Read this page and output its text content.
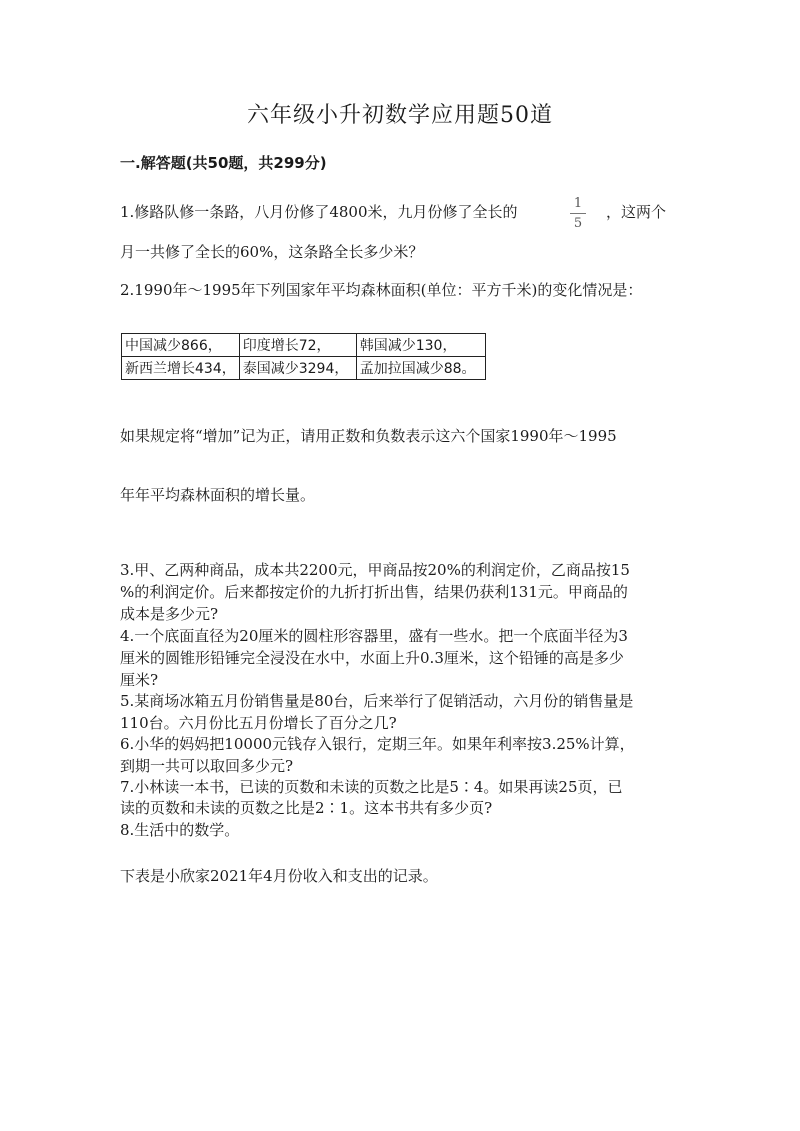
六年级小升初数学应用题50道
一.解答题(共50题，共299分)
1.修路队修一条路，八月份修了4800米，九月份修了全长的	1
5
，这两个
月一共修了全长的60%，这条路全长多少米？
2.1990年～1995年下列国家年平均森林面积(单位：平方千米)的变化情况是：
中国减少866，	印度增长72，	韩国减少130，
新西兰增长434，	泰国减少3294，	孟加拉国减少88。
如果规定将“增加”记为正，请用正数和负数表示这六个国家1990年～1995
年年平均森林面积的增长量。
3.甲、乙两种商品，成本共2200元，甲商品按20%的利润定价，乙商品按15
%的利润定价。后来都按定价的九折打折出售，结果仍获利131元。甲商品的
成本是多少元?
4.一个底面直径为20厘米的圆柱形容器里，盛有一些水。把一个底面半径为3
厘米的圆锥形铅锤完全浸没在水中，水面上升0.3厘米，这个铅锤的高是多少
厘米?
5.某商场冰箱五月份销售量是80台，后来举行了促销活动，六月份的销售量是
110台。六月份比五月份增长了百分之几?
6.小华的妈妈把10000元钱存入银行，定期三年。如果年利率按3.25%计算，
到期一共可以取回多少元?
7.小林读一本书，已读的页数和未读的页数之比是5∶4。如果再读25页，已
读的页数和未读的页数之比是2∶1。这本书共有多少页?
8.生活中的数学。
下表是小欣家2021年4月份收入和支出的记录。
